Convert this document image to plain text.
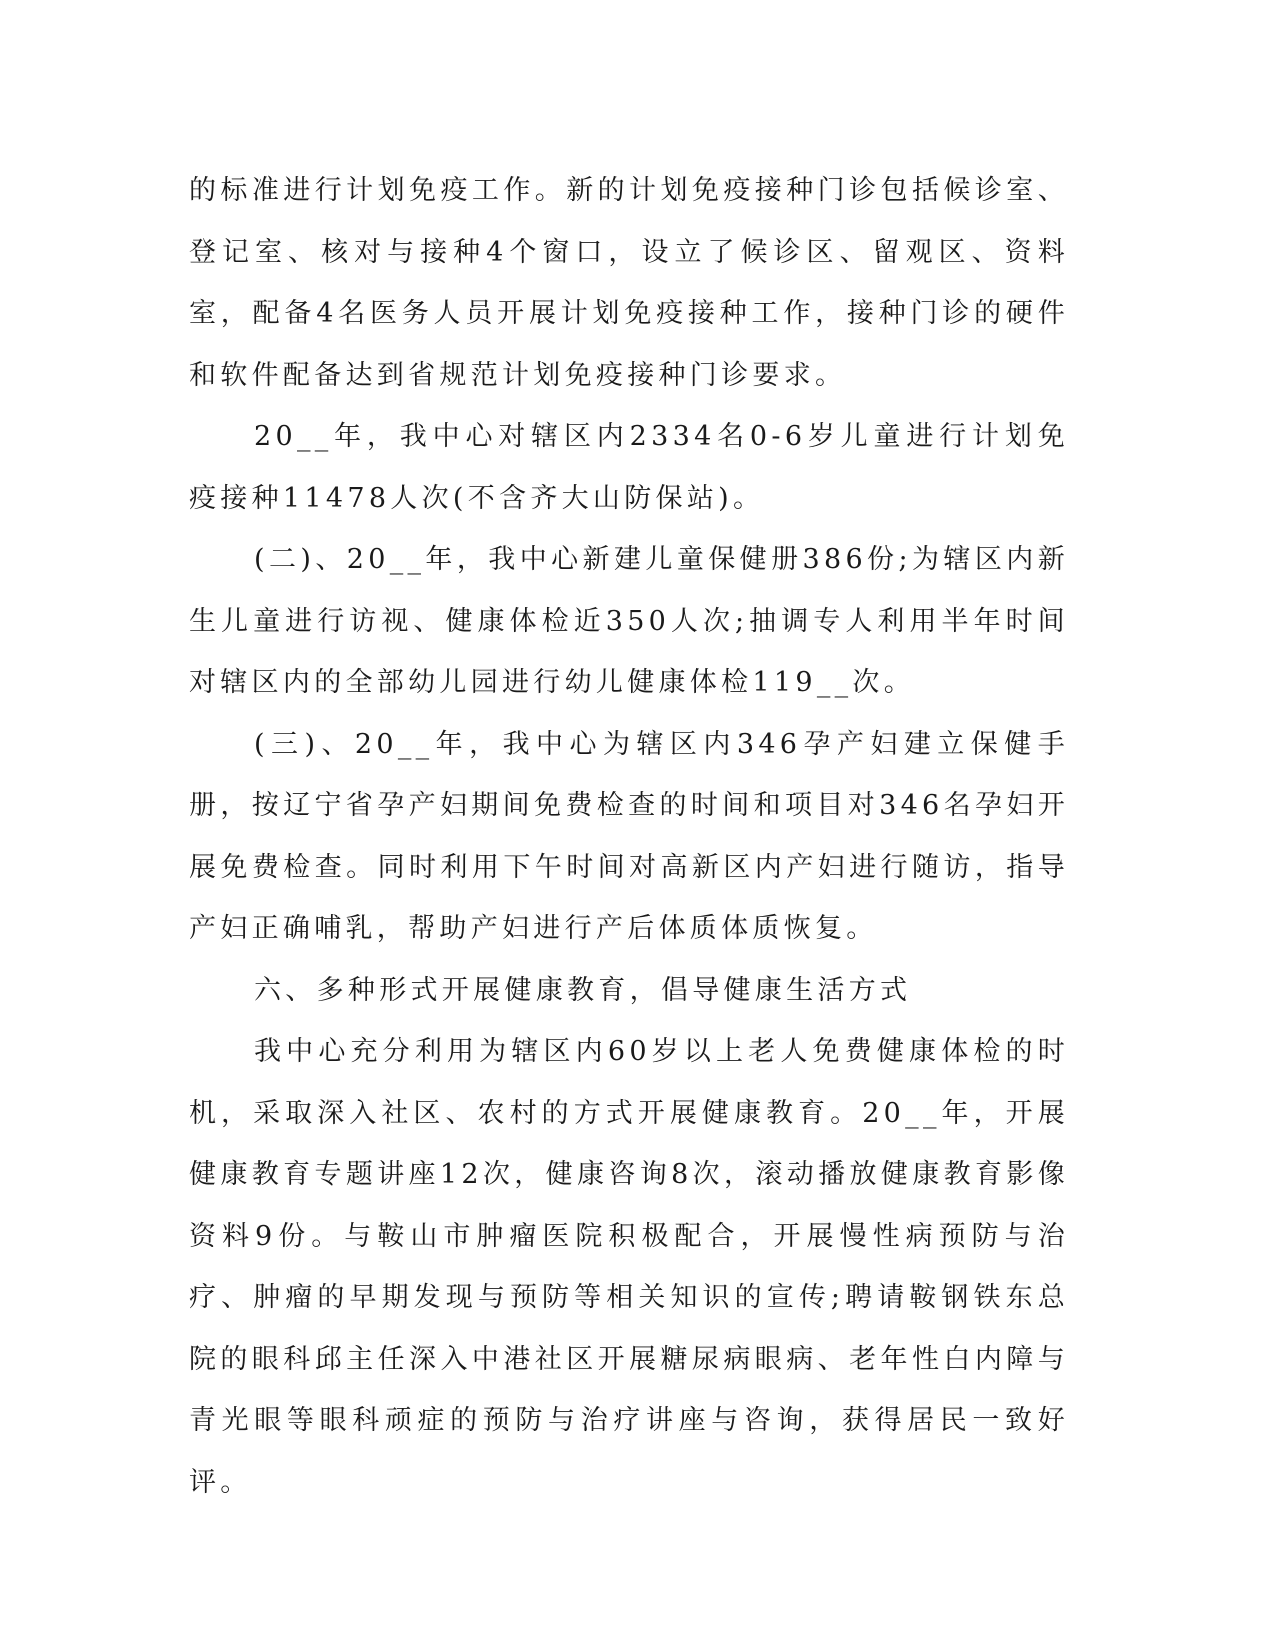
的标准进行计划免疫工作。新的计划免疫接种门诊包括候诊室、登记室、核对与接种4个窗口，设立了候诊区、留观区、资料室，配备4名医务人员开展计划免疫接种工作，接种门诊的硬件和软件配备达到省规范计划免疫接种门诊要求。

20__年，我中心对辖区内2334名0-6岁儿童进行计划免疫接种11478人次(不含齐大山防保站)。

(二)、20__年，我中心新建儿童保健册386份;为辖区内新生儿童进行访视、健康体检近350人次;抽调专人利用半年时间对辖区内的全部幼儿园进行幼儿健康体检119__次。

(三)、20__年，我中心为辖区内346孕产妇建立保健手册，按辽宁省孕产妇期间免费检查的时间和项目对346名孕妇开展免费检查。同时利用下午时间对高新区内产妇进行随访，指导产妇正确哺乳，帮助产妇进行产后体质体质恢复。

六、多种形式开展健康教育，倡导健康生活方式

我中心充分利用为辖区内60岁以上老人免费健康体检的时机，采取深入社区、农村的方式开展健康教育。20__年，开展健康教育专题讲座12次，健康咨询8次，滚动播放健康教育影像资料9份。与鞍山市肿瘤医院积极配合，开展慢性病预防与治疗、肿瘤的早期发现与预防等相关知识的宣传;聘请鞍钢铁东总院的眼科邱主任深入中港社区开展糖尿病眼病、老年性白内障与青光眼等眼科顽症的预防与治疗讲座与咨询，获得居民一致好评。
